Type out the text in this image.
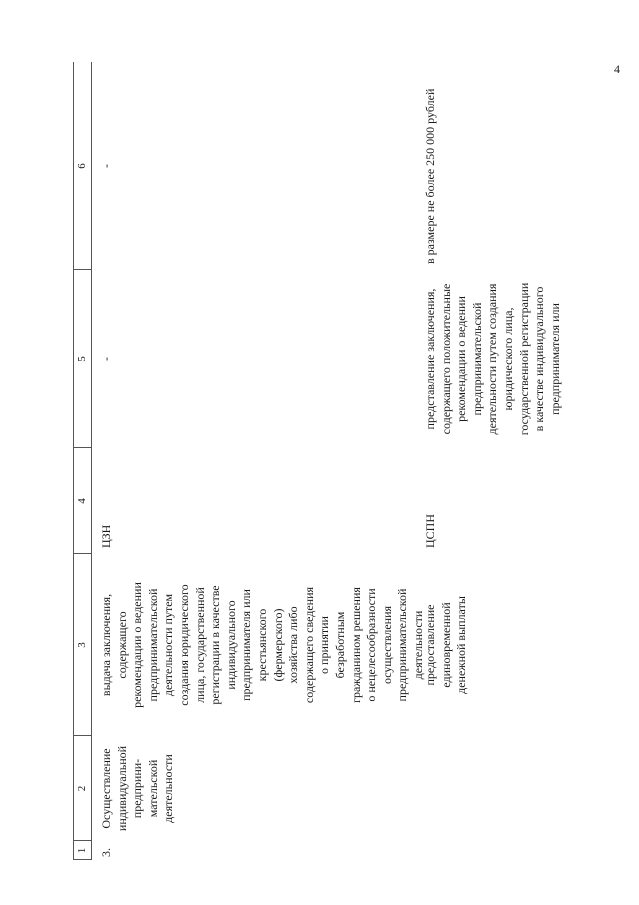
4
1
2
3
4
5
6
3.
Осуществление
индивидуальной
предприни-
мательской
деятельности
выдача заключения,
содержащего
рекомендации о ведении
предпринимательской
деятельности путем
создания юридического
лица, государственной
регистрации в качестве
индивидуального
предпринимателя или
крестьянского
(фермерского)
хозяйства либо
содержащего сведения
о принятии
безработным
гражданином решения
о нецелесообразности
осуществления
предпринимательской
деятельности
ЦЗН
-
-
предоставление
единовременной
денежной выплаты
ЦСПН
представление заключения,
содержащего положительные
рекомендации о ведении
предпринимательской
деятельности путем создания
юридического лица,
государственной регистрации
в качестве индивидуального
предпринимателя или
в размере не более 250 000 рублей
